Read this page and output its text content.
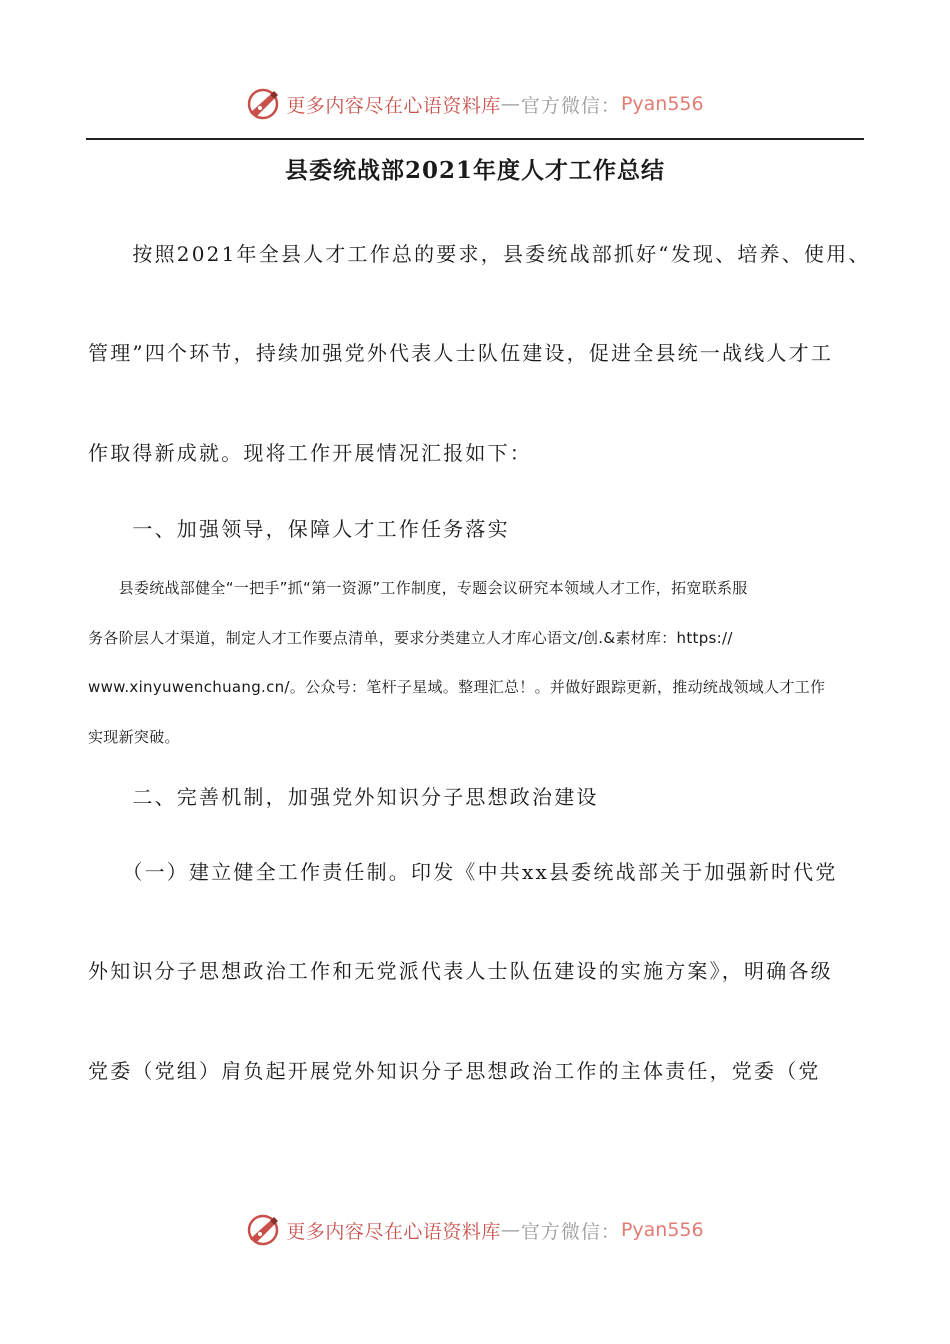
更多内容尽在心语资料库 — 官方微信： Pyan556
县委统战部2021年度人才工作总结
　　按照2021年全县人才工作总的要求，县委统战部抓好“发现、培养、使用、
管理”四个环节，持续加强党外代表人士队伍建设，促进全县统一战线人才工
作取得新成就。现将工作开展情况汇报如下：
　　一、加强领导，保障人才工作任务落实
　　县委统战部健全“一把手”抓“第一资源”工作制度，专题会议研究本领域人才工作，拓宽联系服
务各阶层人才渠道，制定人才工作要点清单，要求分类建立人才库心语文/创.&素材库：https://
www.xinyuwenchuang.cn/。公众号：笔杆子星域。整理汇总！。并做好跟踪更新，推动统战领域人才工作
实现新突破。
　　二、完善机制，加强党外知识分子思想政治建设
　　（一）建立健全工作责任制。印发《中共xx县委统战部关于加强新时代党
外知识分子思想政治工作和无党派代表人士队伍建设的实施方案》，明确各级
党委（党组）肩负起开展党外知识分子思想政治工作的主体责任，党委（党
更多内容尽在心语资料库 — 官方微信： Pyan556
